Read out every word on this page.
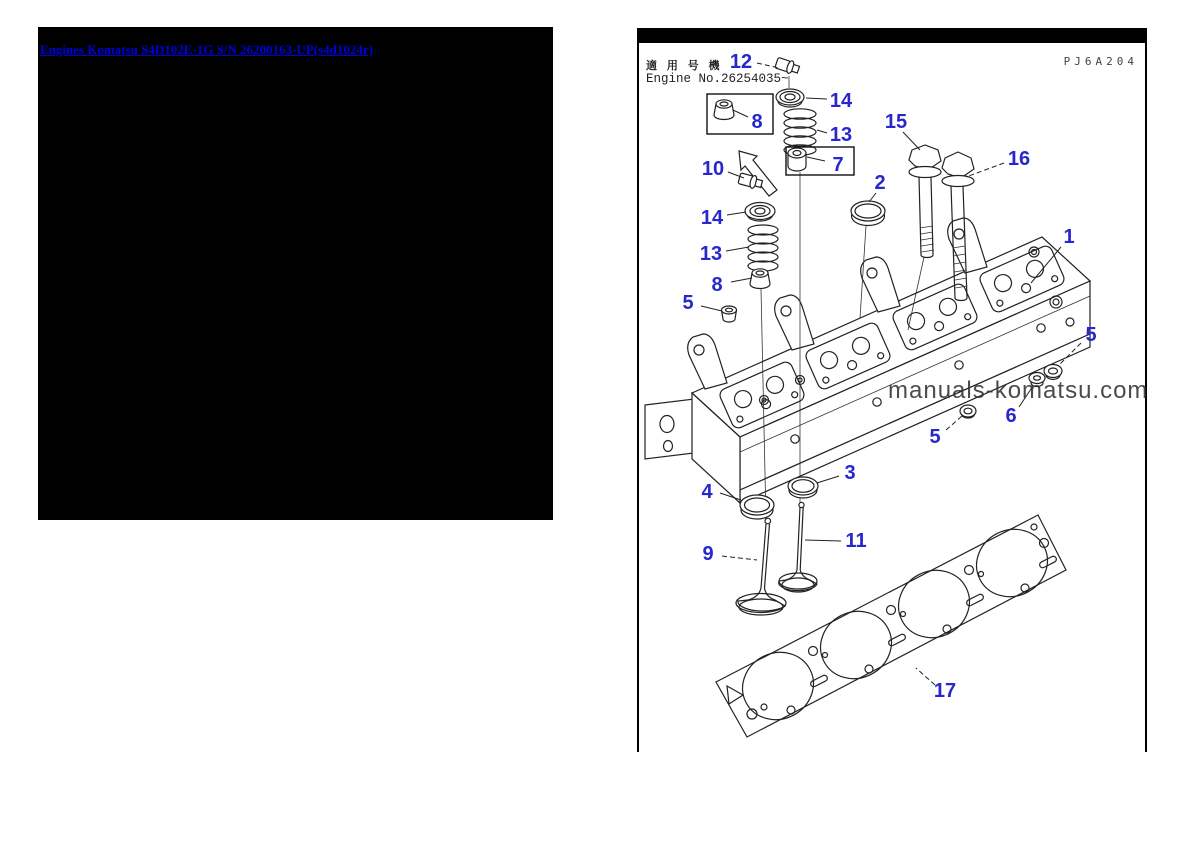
Engines Komatsu S4D102E-1G S/N 26200163-UP(s4d1024r)
適 用 号 機
Engine No.26254035~
PJ6A204
manuals-komatsu.com
12
14
8
13
7
15
16
10
2
14
13
8
5
1
5
6
5
3
4
11
9
17
